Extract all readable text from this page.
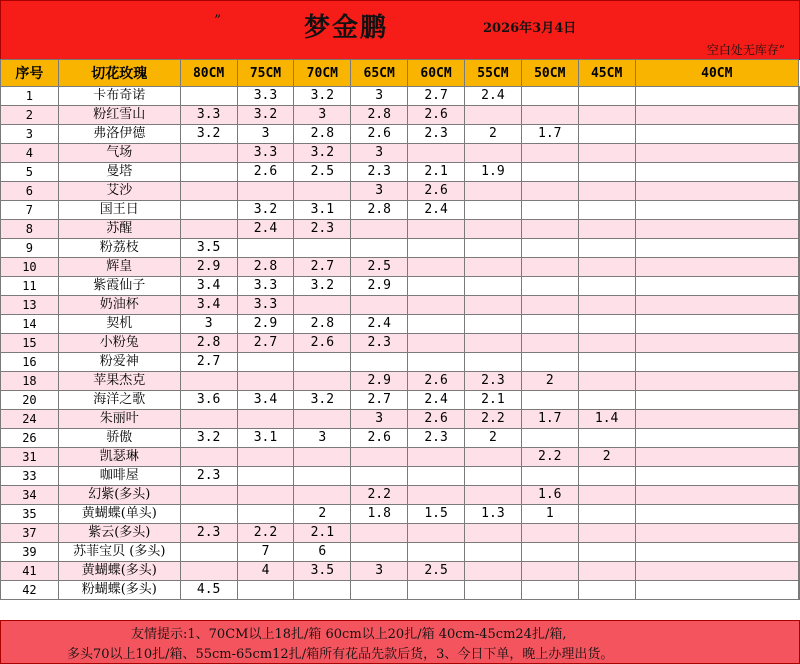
”	梦金鹏	2026年3月4日
空白处无库存”
序号	切花玫瑰	80CM	75CM	70CM	65CM	60CM	55CM	50CM	45CM	40CM	
1	卡布奇诺		3.3	3.2	3	2.7	2.4				
2	粉红雪山	3.3	3.2	3	2.8	2.6					
3	弗洛伊德	3.2	3	2.8	2.6	2.3	2	1.7			
4	气场		3.3	3.2	3						
5	曼塔		2.6	2.5	2.3	2.1	1.9				
6	艾沙				3	2.6					
7	国王日		3.2	3.1	2.8	2.4					
8	苏醒		2.4	2.3							
9	粉荔枝	3.5									
10	辉皇	2.9	2.8	2.7	2.5						
11	紫霞仙子	3.4	3.3	3.2	2.9						
13	奶油杯	3.4	3.3								
14	契机	3	2.9	2.8	2.4						
15	小粉兔	2.8	2.7	2.6	2.3						
16	粉爱神	2.7									
18	苹果杰克				2.9	2.6	2.3	2			
20	海洋之歌	3.6	3.4	3.2	2.7	2.4	2.1				
24	朱丽叶				3	2.6	2.2	1.7	1.4		
26	骄傲	3.2	3.1	3	2.6	2.3	2				
31	凯瑟琳							2.2	2		
33	咖啡屋	2.3									
34	幻紫(多头)				2.2			1.6			
35	黄蝴蝶(单头)			2	1.8	1.5	1.3	1			
37	紫云(多头)	2.3	2.2	2.1							
39	苏菲宝贝 (多头)		7	6							
41	黄蝴蝶(多头)		4	3.5	3	2.5					
42	粉蝴蝶(多头)	4.5									
友情提示:1、70CM以上18扎/箱 60cm以上20扎/箱 40cm-45cm24扎/箱,
多头70以上10扎/箱、55cm-65cm12扎/箱所有花品先款后货，3、今日下单，晚上办理出货。
